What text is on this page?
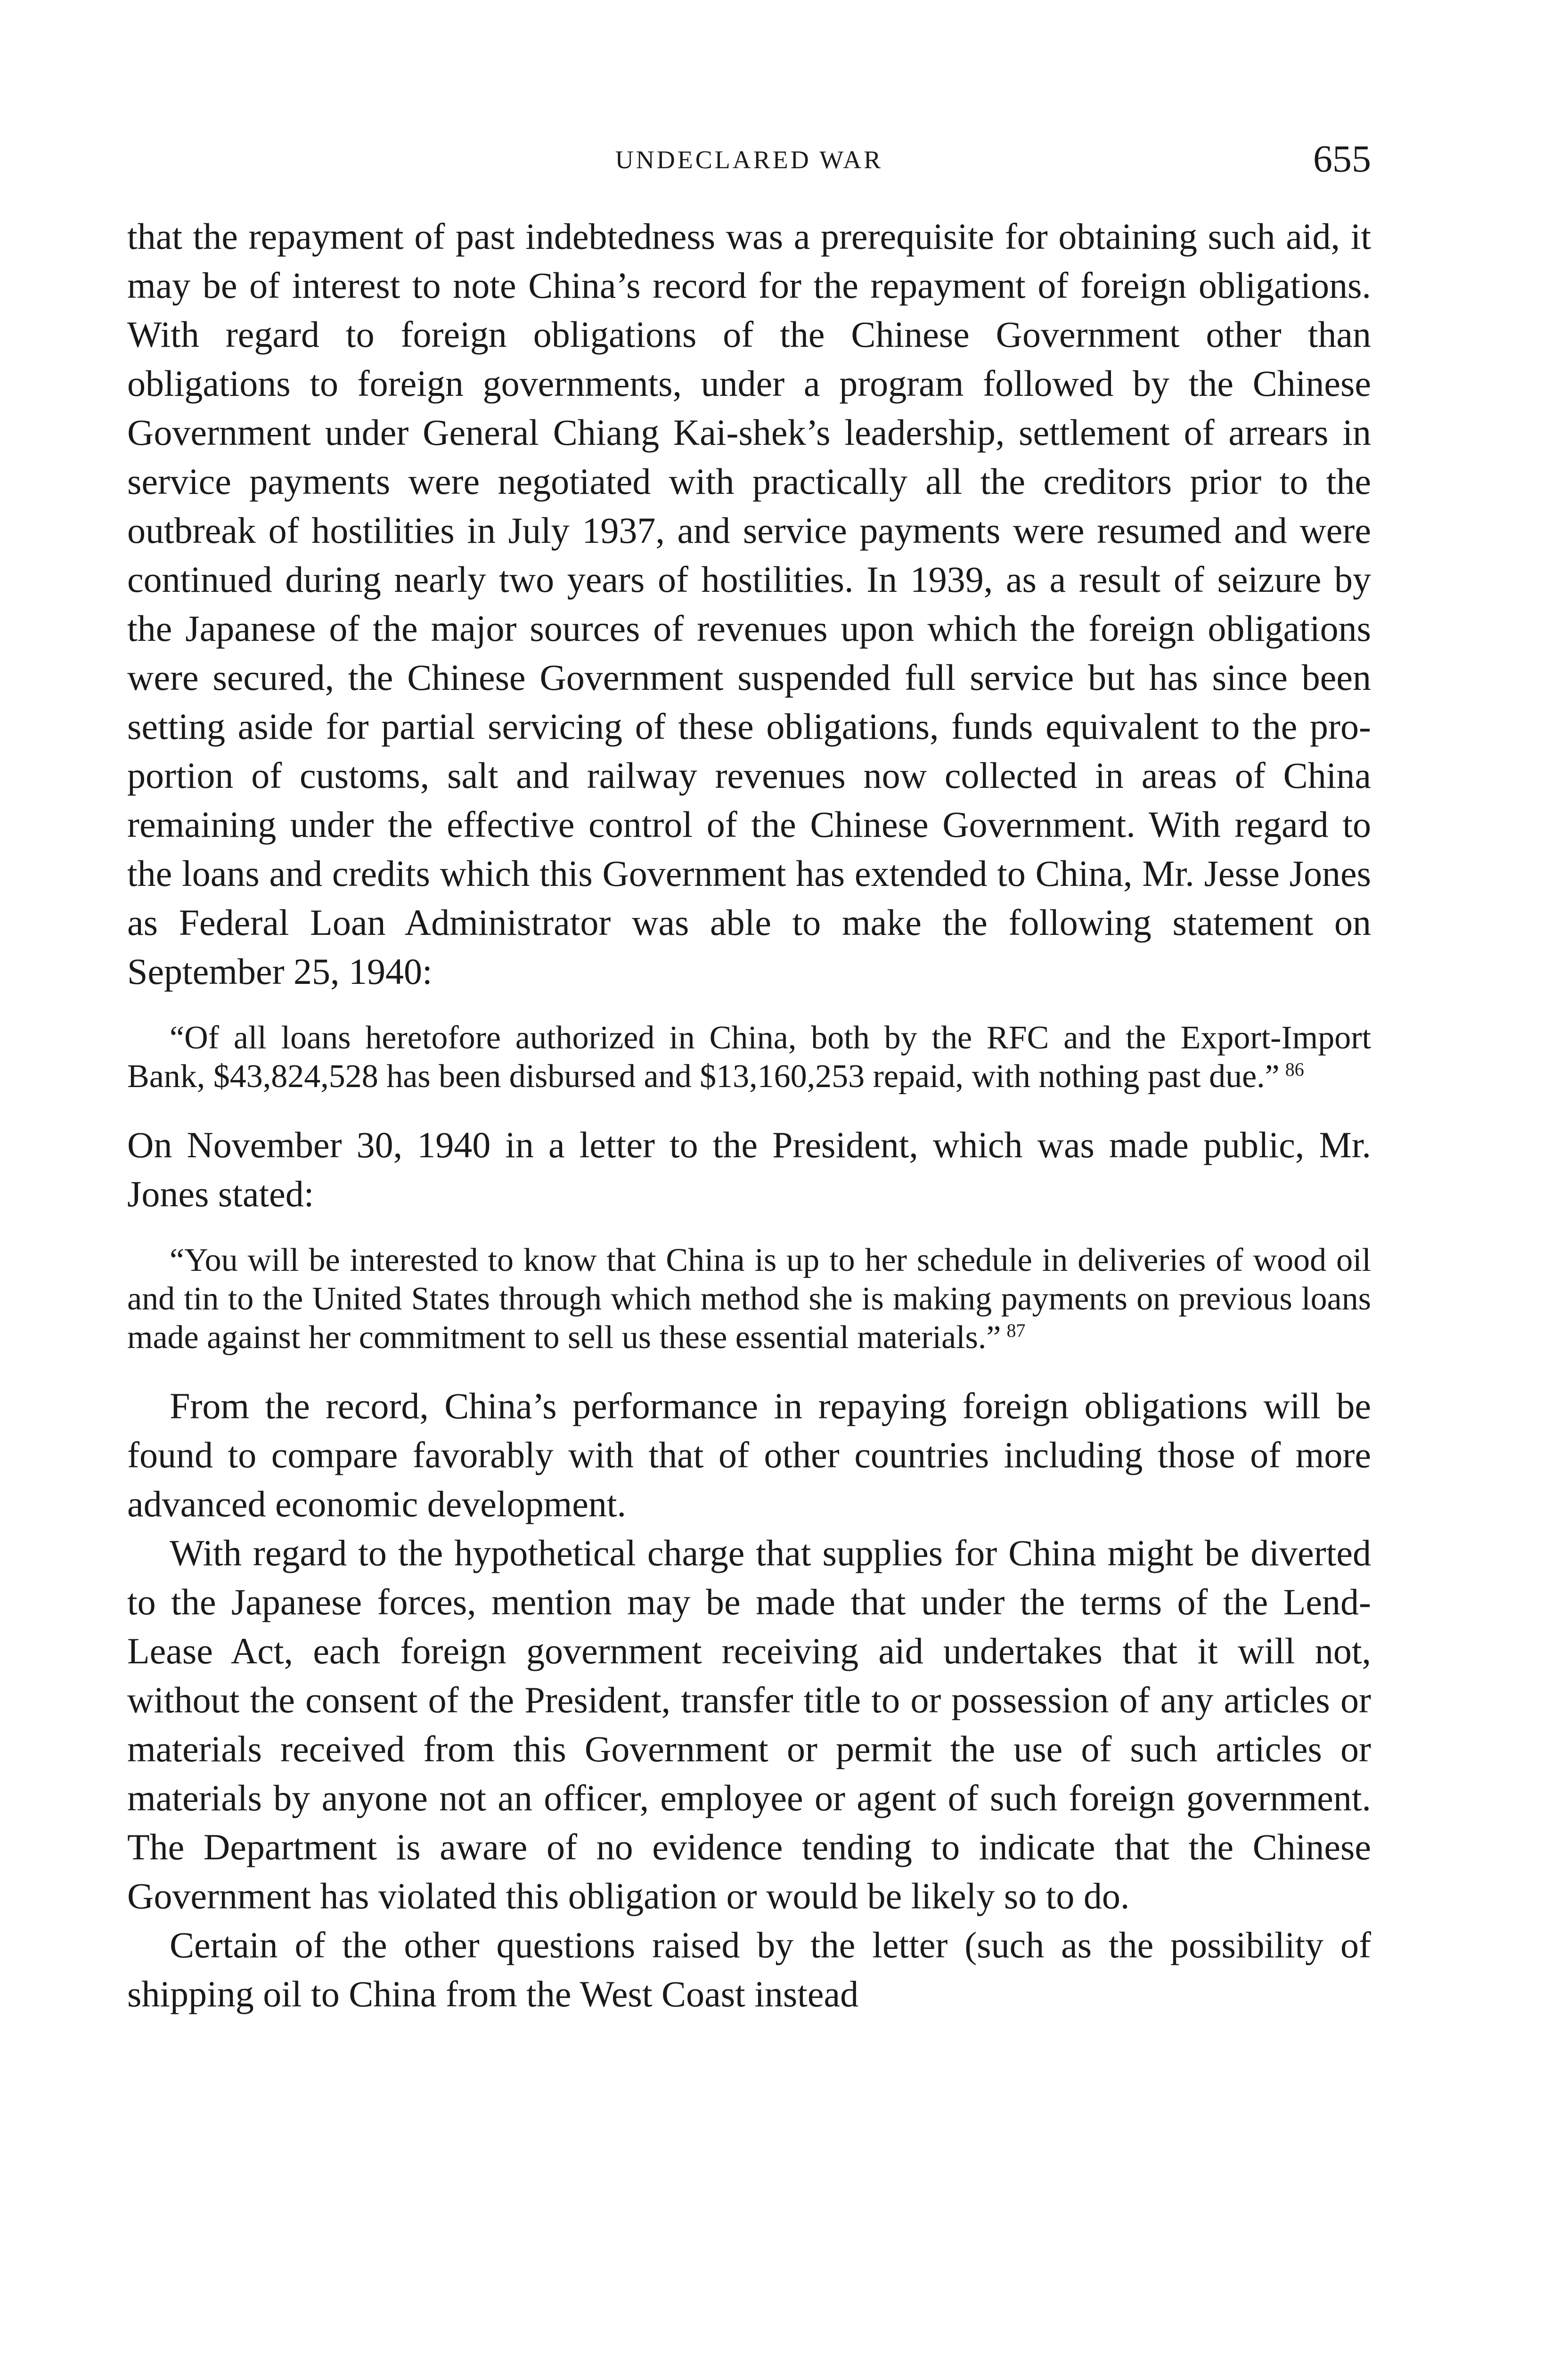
UNDECLARED WAR	655

that the repayment of past indebtedness was a prerequisite for obtaining such aid, it may be of interest to note China’s record for the repayment of foreign obligations. With regard to foreign obligations of the Chinese Government other than obligations to foreign governments, under a program followed by the Chinese Government under General Chiang Kai-shek’s leadership, settlement of arrears in service payments were negotiated with practically all the creditors prior to the outbreak of hostilities in July 1937, and service payments were resumed and were continued during nearly two years of hostilities. In 1939, as a result of seizure by the Japanese of the major sources of revenues upon which the foreign obligations were secured, the Chinese Government suspended full service but has since been setting aside for partial servicing of these obligations, funds equivalent to the proportion of customs, salt and railway revenues now collected in areas of China remaining under the effective control of the Chinese Government. With regard to the loans and credits which this Government has extended to China, Mr. Jesse Jones as Federal Loan Administrator was able to make the following statement on September 25, 1940:

“Of all loans heretofore authorized in China, both by the RFC and the Export-Import Bank, $43,824,528 has been disbursed and $13,160,253 repaid, with nothing past due.” $^{86}$

On November 30, 1940 in a letter to the President, which was made public, Mr. Jones stated:

“You will be interested to know that China is up to her schedule in deliveries of wood oil and tin to the United States through which method she is making payments on previous loans made against her commitment to sell us these essential materials.” $^{87}$

From the record, China’s performance in repaying foreign obligations will be found to compare favorably with that of other countries including those of more advanced economic development.

With regard to the hypothetical charge that supplies for China might be diverted to the Japanese forces, mention may be made that under the terms of the Lend-Lease Act, each foreign government receiving aid undertakes that it will not, without the consent of the President, transfer title to or possession of any articles or materials received from this Government or permit the use of such articles or materials by anyone not an officer, employee or agent of such foreign government. The Department is aware of no evidence tending to indicate that the Chinese Government has violated this obligation or would be likely so to do.

Certain of the other questions raised by the letter (such as the possibility of shipping oil to China from the West Coast instead
